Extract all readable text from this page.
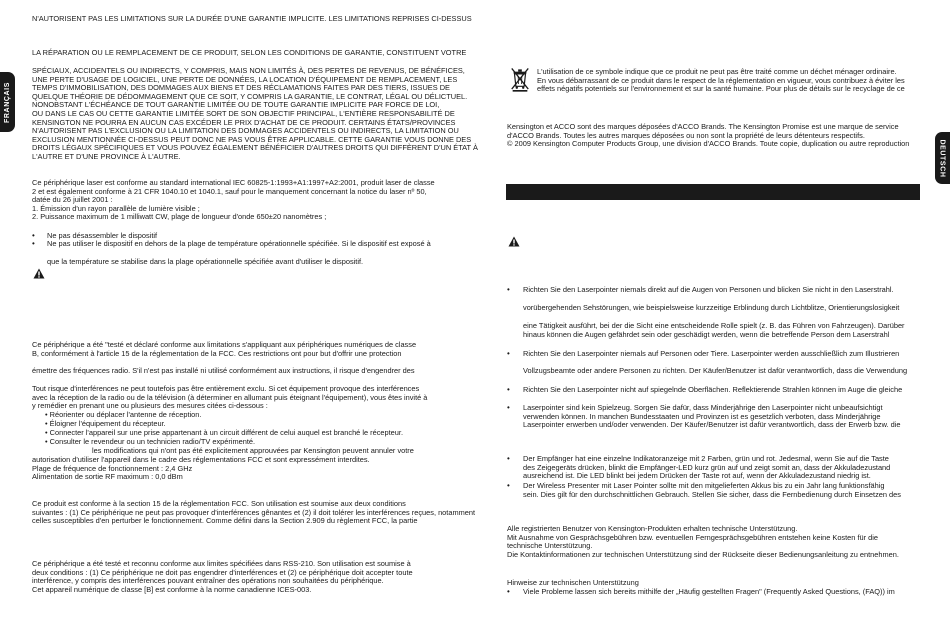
FRANÇAIS
N'AUTORISENT PAS LES LIMITATIONS SUR LA DURÉE D'UNE GARANTIE IMPLICITE. LES LIMITATIONS REPRISES CI-DESSUS
LA RÉPARATION OU LE REMPLACEMENT DE CE PRODUIT, SELON LES CONDITIONS DE GARANTIE, CONSTITUENT VOTRE
SPÉCIAUX, ACCIDENTELS OU INDIRECTS, Y COMPRIS, MAIS NON LIMITÉS À, DES PERTES DE REVENUS, DE BÉNÉFICES,
UNE PERTE D'USAGE DE LOGICIEL, UNE PERTE DE DONNÉES, LA LOCATION D'ÉQUIPEMENT DE REMPLACEMENT, LES
TEMPS D'IMMOBILISATION, DES DOMMAGES AUX BIENS ET DES RÉCLAMATIONS FAITES PAR DES TIERS, ISSUES DE
QUELQUE THÉORIE DE DÉDOMMAGEMENT QUE CE SOIT, Y COMPRIS LA GARANTIE, LE CONTRAT, LÉGAL OU DÉLICTUEL.
NONOBSTANT L'ÉCHÉANCE DE TOUT GARANTIE LIMITÉE OU DE TOUTE GARANTIE IMPLICITE PAR FORCE DE LOI,
OU DANS LE CAS OU CETTE GARANTIE LIMITÉE SORT DE SON OBJECTIF PRINCIPAL, L'ENTIÈRE RESPONSABILITÉ DE
KENSINGTON NE POURRA EN AUCUN CAS EXCÉDER LE PRIX D'ACHAT DE CE PRODUIT. CERTAINS ÉTATS/PROVINCES
N'AUTORISENT PAS L'EXCLUSION OU LA LIMITATION DES DOMMAGES ACCIDENTELS OU INDIRECTS, LA LIMITATION OU
EXCLUSION MENTIONNÉE CI-DESSUS PEUT DONC NE PAS VOUS ÊTRE APPLICABLE. CETTE GARANTIE VOUS DONNE DES
DROITS LÉGAUX SPÉCIFIQUES ET VOUS POUVEZ ÉGALEMENT BÉNÉFICIER D'AUTRES DROITS QUI DIFFÈRENT D'UN ÉTAT À
L'AUTRE ET D'UNE PROVINCE À L'AUTRE.
Ce périphérique laser est conforme au standard international IEC 60825-1:1993+A1:1997+A2:2001, produit laser de classe
2 et est également conforme à 21 CFR 1040.10 et 1040.1, sauf pour le manquement concernant la notice du laser nº 50,
datée du 26 juillet 2001 :
1. Émission d'un rayon parallèle de lumière visible ;
2. Puissance maximum de 1 milliwatt CW, plage de longueur d'onde 650±20 nanomètres ;
• Ne pas désassembler le dispositif
• Ne pas utiliser le dispositif en dehors de la plage de température opérationnelle spécifiée. Si le dispositif est exposé à
que la température se stabilise dans la plage opérationnelle spécifiée avant d'utiliser le dispositif.
Ce périphérique a été "testé et déclaré conforme aux limitations s'appliquant aux périphériques numériques de classe
B, conformément à l'article 15 de la réglementation de la FCC. Ces restrictions ont pour but d'offrir une protection
émettre des fréquences radio. S'il n'est pas installé ni utilisé conformément aux instructions, il risque d'engendrer des
Tout risque d'interférences ne peut toutefois pas être entièrement exclu. Si cet équipement provoque des interférences
avec la réception de la radio ou de la télévision (à déterminer en allumant puis éteignant l'équipement), vous êtes invité à
y remédier en prenant une ou plusieurs des mesures citées ci-dessous :
• Réorienter ou déplacer l'antenne de réception.
• Éloigner l'équipement du récepteur.
• Connecter l'appareil sur une prise appartenant à un circuit différent de celui auquel est branché le récepteur.
• Consulter le revendeur ou un technicien radio/TV expérimenté.
les modifications qui n'ont pas été explicitement approuvées par Kensington peuvent annuler votre
autorisation d'utiliser l'appareil dans le cadre des réglementations FCC et sont expressément interdites.
Plage de fréquence de fonctionnement : 2,4 GHz
Alimentation de sortie RF maximum : 0,0 dBm
Ce produit est conforme à la section 15 de la réglementation FCC. Son utilisation est soumise aux deux conditions
suivantes : (1) Ce périphérique ne peut pas provoquer d'interférences gênantes et (2) il doit tolérer les interférences reçues, notamment
celles susceptibles d'en perturber le fonctionnement. Comme défini dans la Section 2.909 du règlement FCC, la partie
Ce périphérique a été testé et reconnu conforme aux limites spécifiées dans RSS-210. Son utilisation est soumise à
deux conditions : (1) Ce périphérique ne doit pas engendrer d'interférences et (2) ce périphérique doit accepter toute
interférence, y compris des interférences pouvant entraîner des opérations non souhaitées du périphérique.
Cet appareil numérique de classe [B] est conforme à la norme canadienne ICES-003.
L'utilisation de ce symbole indique que ce produit ne peut pas être traité comme un déchet ménager ordinaire.
En vous débarrassant de ce produit dans le respect de la réglementation en vigueur, vous contribuez à éviter les
effets négatifs potentiels sur l'environnement et sur la santé humaine. Pour plus de détails sur le recyclage de ce
Kensington et ACCO sont des marques déposées d'ACCO Brands. The Kensington Promise est une marque de service
d'ACCO Brands. Toutes les autres marques déposées ou non sont la propriété de leurs détenteurs respectifs.
© 2009 Kensington Computer Products Group, une division d'ACCO Brands. Toute copie, duplication ou autre reproduction	DEUTSCH
• Richten Sie den Laserpointer niemals direkt auf die Augen von Personen und blicken Sie nicht in den Laserstrahl.
vorübergehenden Sehstörungen, wie beispielsweise kurzzeitige Erblindung durch Lichtblitze, Orientierungslosigkeit
eine Tätigkeit ausführt, bei der die Sicht eine entscheidende Rolle spielt (z. B. das Führen von Fahrzeugen). Darüber
hinaus können die Augen gefährdet sein oder geschädigt werden, wenn die betreffende Person dem Laserstrahl
• Richten Sie den Laserpointer niemals auf Personen oder Tiere. Laserpointer werden ausschließlich zum Illustrieren
Vollzugsbeamte oder andere Personen zu richten. Der Käufer/Benutzer ist dafür verantwortlich, dass die Verwendung
• Richten Sie den Laserpointer nicht auf spiegelnde Oberflächen. Reflektierende Strahlen können im Auge die gleiche
• Laserpointer sind kein Spielzeug. Sorgen Sie dafür, dass Minderjährige den Laserpointer nicht unbeaufsichtigt
verwenden können. In manchen Bundesstaaten und Provinzen ist es gesetzlich verboten, dass Minderjährige
Laserpointer erwerben und/oder verwenden. Der Käufer/Benutzer ist dafür verantwortlich, dass der Erwerb bzw. die
• Der Empfänger hat eine einzelne Indikatoranzeige mit 2 Farben, grün und rot. Jedesmal, wenn Sie auf die Taste
des Zeigegeräts drücken, blinkt die Empfänger-LED kurz grün auf und zeigt somit an, dass der Akkuladezustand
ausreichend ist. Die LED blinkt bei jedem Drücken der Taste rot auf, wenn der Akkuladezustand niedrig ist.
• Der Wireless Presenter mit Laser Pointer sollte mit den mitgelieferten Akkus bis zu ein Jahr lang funktionsfähig
sein. Dies gilt für den durchschnittlichen Gebrauch. Stellen Sie sicher, dass die Fernbedienung durch Einsetzen des
Alle registrierten Benutzer von Kensington-Produkten erhalten technische Unterstützung.
Mit Ausnahme von Gesprächsgebühren bzw. eventuellen Ferngesprächsgebühren entstehen keine Kosten für die
technische Unterstützung.
Die Kontaktinformationen zur technischen Unterstützung sind der Rückseite dieser Bedienungsanleitung zu entnehmen.
Hinweise zur technischen Unterstützung
• Viele Probleme lassen sich bereits mithilfe der „Häufig gestellten Fragen" (Frequently Asked Questions, (FAQ)) im
